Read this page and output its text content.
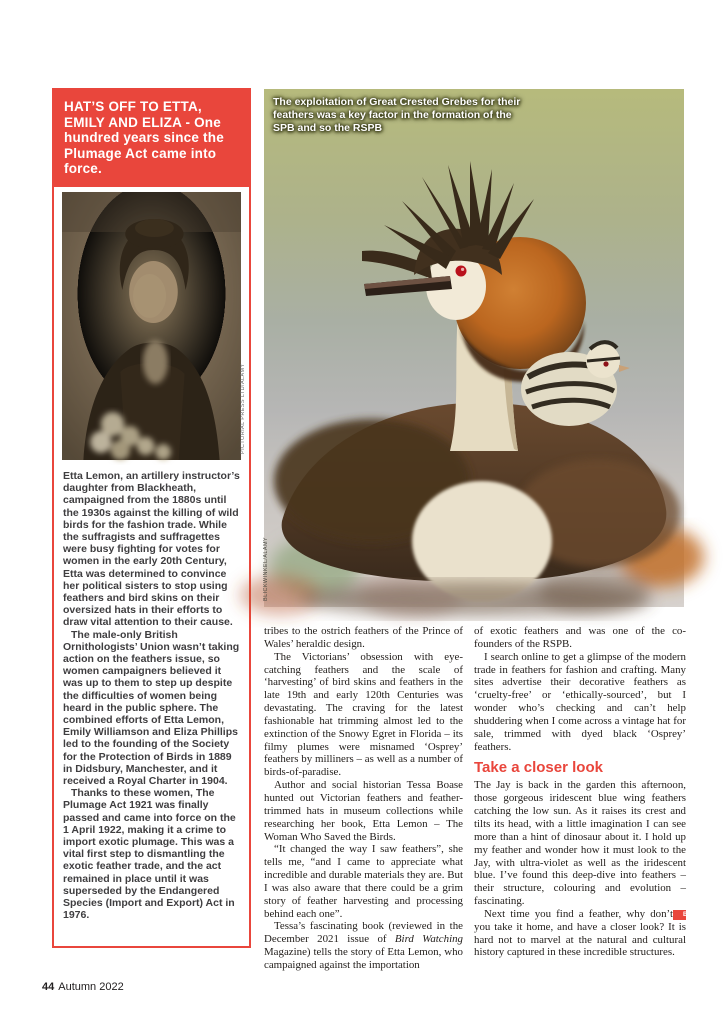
HAT’S OFF TO ETTA, EMILY AND ELIZA - One hundred years since the Plumage Act came into force.
PICTORIAL PRESS LTD/ALAMY

Etta Lemon, an artillery instructor’s daughter from Blackheath, campaigned from the 1880s until the 1930s against the killing of wild birds for the fashion trade. While the suffragists and suffragettes were busy fighting for votes for women in the early 20th Century, Etta was determined to convince her political sisters to stop using feathers and bird skins on their oversized hats in their efforts to draw vital attention to their cause.

The male-only British Ornithologists’ Union wasn’t taking action on the feathers issue, so women campaigners believed it was up to them to step up despite the difficulties of women being heard in the public sphere. The combined efforts of Etta Lemon, Emily Williamson and Eliza Phillips led to the founding of the Society for the Protection of Birds in 1889 in Didsbury, Manchester, and it received a Royal Charter in 1904.

Thanks to these women, The Plumage Act 1921 was finally passed and came into force on the 1 April 1922, making it a crime to import exotic plumage. This was a vital first step to dismantling the exotic feather trade, and the act remained in place until it was superseded by the Endangered Species (Import and Export) Act in 1976.

The exploitation of Great Crested Grebes for their feathers was a key factor in the formation of the SPB and so the RSPB

tribes to the ostrich feathers of the Prince of Wales’ heraldic design.

The Victorians’ obsession with eye-catching feathers and the scale of ‘harvesting’ of bird skins and feathers in the late 19th and early 120th Centuries was devastating. The craving for the latest fashionable hat trimming almost led to the extinction of the Snowy Egret in Florida – its filmy plumes were misnamed ‘Osprey’ feathers by milliners – as well as a number of birds-of-paradise.

Author and social historian Tessa Boase hunted out Victorian feathers and feather-trimmed hats in museum collections while researching her book, Etta Lemon – The Woman Who Saved the Birds.

“It changed the way I saw feathers”, she tells me, “and I came to appreciate what incredible and durable materials they are. But I was also aware that there could be a grim story of feather harvesting and processing behind each one”.

Tessa’s fascinating book (reviewed in the December 2021 issue of Bird Watching Magazine) tells the story of Etta Lemon, who campaigned against the importation

of exotic feathers and was one of the co-founders of the RSPB.

I search online to get a glimpse of the modern trade in feathers for fashion and crafting. Many sites advertise their decorative feathers as ‘cruelty-free’ or ‘ethically-sourced’, but I wonder who’s checking and can’t help shuddering when I come across a vintage hat for sale, trimmed with dyed black ‘Osprey’ feathers.

Take a closer look

The Jay is back in the garden this afternoon, those gorgeous iridescent blue wing feathers catching the low sun. As it raises its crest and tilts its head, with a little imagination I can see more than a hint of dinosaur about it. I hold up my feather and wonder how it must look to the Jay, with ultra-violet as well as the iridescent blue. I’ve found this deep-dive into feathers – their structure, colouring and evolution – fascinating.

BW
Next time you find a feather, why don’t you take it home, and have a closer look? It is hard not to marvel at the natural and cultural history captured in these incredible structures.

44 Autumn 2022
